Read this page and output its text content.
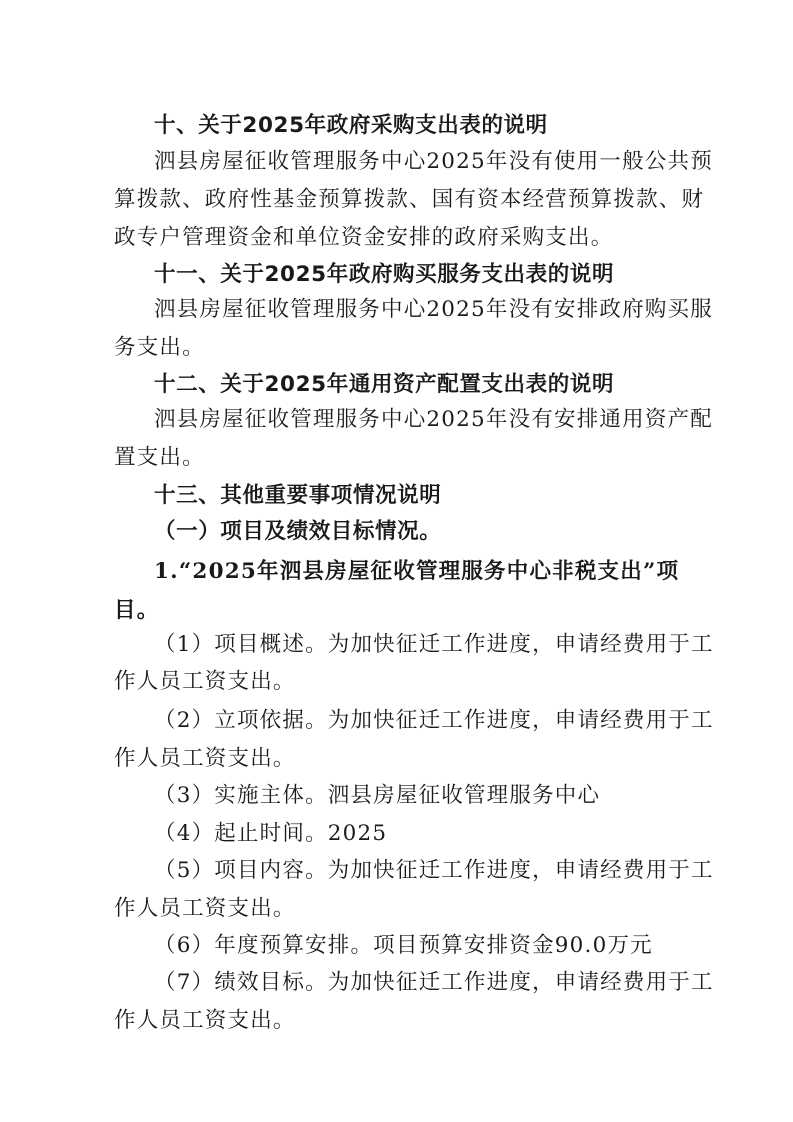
十、关于2025年政府采购支出表的说明
泗县房屋征收管理服务中心2025年没有使用一般公共预
算拨款、政府性基金预算拨款、国有资本经营预算拨款、财
政专户管理资金和单位资金安排的政府采购支出。
十一、关于2025年政府购买服务支出表的说明
泗县房屋征收管理服务中心2025年没有安排政府购买服
务支出。
十二、关于2025年通用资产配置支出表的说明
泗县房屋征收管理服务中心2025年没有安排通用资产配
置支出。
十三、其他重要事项情况说明
（一）项目及绩效目标情况。
1.“2025年泗县房屋征收管理服务中心非税支出”项
目。
（1）项目概述。为加快征迁工作进度，申请经费用于工
作人员工资支出。
（2）立项依据。为加快征迁工作进度，申请经费用于工
作人员工资支出。
（3）实施主体。泗县房屋征收管理服务中心
（4）起止时间。2025
（5）项目内容。为加快征迁工作进度，申请经费用于工
作人员工资支出。
（6）年度预算安排。项目预算安排资金90.0万元
（7）绩效目标。为加快征迁工作进度，申请经费用于工
作人员工资支出。
